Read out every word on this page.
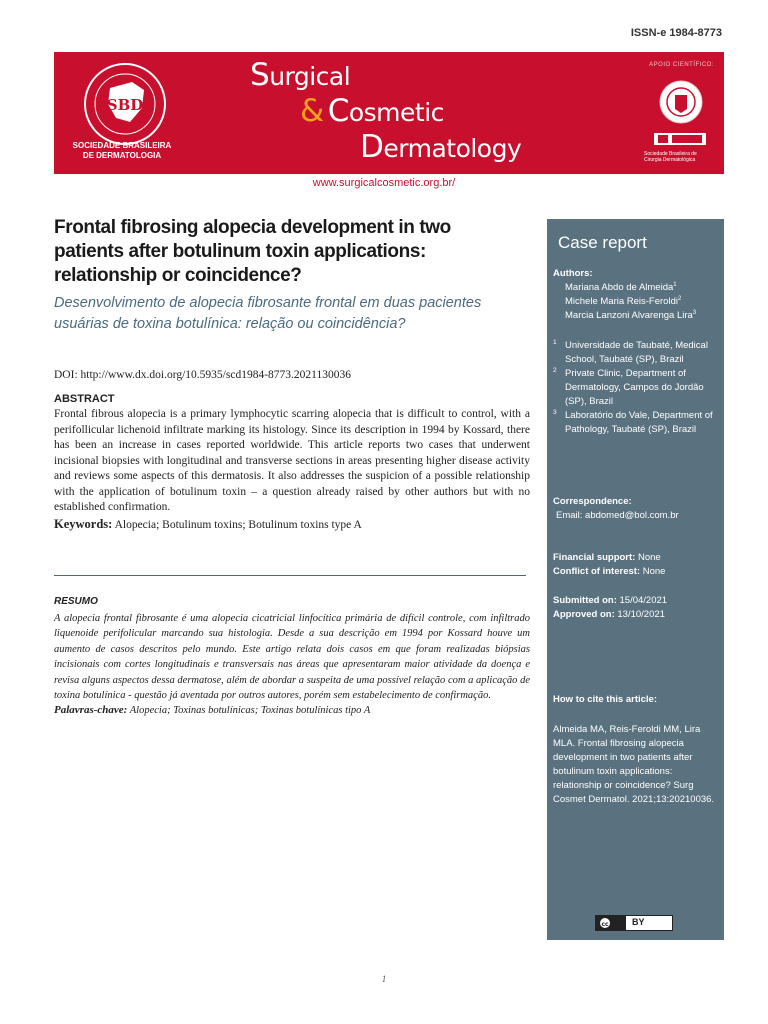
ISSN-e 1984-8773
SBD
SOCIEDADE BRASILEIRA
DE DERMATOLOGIA
Surgical
& Cosmetic
Dermatology
APOIO CIENTÍFICO:
Sociedade Brasileira de
Cirurgia Dermatológica
www.surgicalcosmetic.org.br/
Frontal fibrosing alopecia development in two patients after botulinum toxin applications: relationship or coincidence?
Desenvolvimento de alopecia fibrosante frontal em duas pacientes usuárias de toxina botulínica: relação ou coincidência?
DOI: http://www.dx.doi.org/10.5935/scd1984-8773.2021130036
ABSTRACT

Frontal fibrous alopecia is a primary lymphocytic scarring alopecia that is difficult to control, with a perifollicular lichenoid infiltrate marking its histology. Since its description in 1994 by Kossard, there has been an increase in cases reported worldwide. This article reports two cases that underwent incisional biopsies with longitudinal and transverse sections in areas presenting higher disease activity and reviews some aspects of this dermatosis. It also addresses the suspicion of a possible relationship with the application of botulinum toxin – a question already raised by other authors but with no established confirmation.

Keywords: Alopecia; Botulinum toxins; Botulinum toxins type A
RESUMO

A alopecia frontal fibrosante é uma alopecia cicatricial linfocítica primária de difícil controle, com infiltrado liquenoide perifolicular marcando sua histologia. Desde a sua descrição em 1994 por Kossard houve um aumento de casos descritos pelo mundo. Este artigo relata dois casos em que foram realizadas biópsias incisionais com cortes longitudinais e transversais nas áreas que apresentaram maior atividade da doença e revisa alguns aspectos dessa dermatose, além de abordar a suspeita de uma possível relação com a aplicação de toxina botulínica - questão já aventada por outros autores, porém sem estabelecimento de confirmação.

Palavras-chave: Alopecia; Toxinas botulínicas; Toxinas botulínicas tipo A
Case report
Authors:
Mariana Abdo de Almeida$^1$
Michele Maria Reis-Feroldi$^2$
Marcia Lanzoni Alvarenga Lira$^3$
1 Universidade de Taubaté, Medical School, Taubaté (SP), Brazil
2 Private Clinic, Department of Dermatology, Campos do Jordão (SP), Brazil
3 Laboratório do Vale, Department of Pathology, Taubaté (SP), Brazil
Correspondence:
Email: abdomed@bol.com.br
Financial support: None
Conflict of interest: None
Submitted on: 15/04/2021
Approved on: 13/10/2021
How to cite this article:
Almeida MA, Reis-Feroldi MM, Lira MLA. Frontal fibrosing alopecia development in two patients after botulinum toxin applications: relationship or coincidence? Surg Cosmet Dermatol. 2021;13:20210036.
cc	BY
1
